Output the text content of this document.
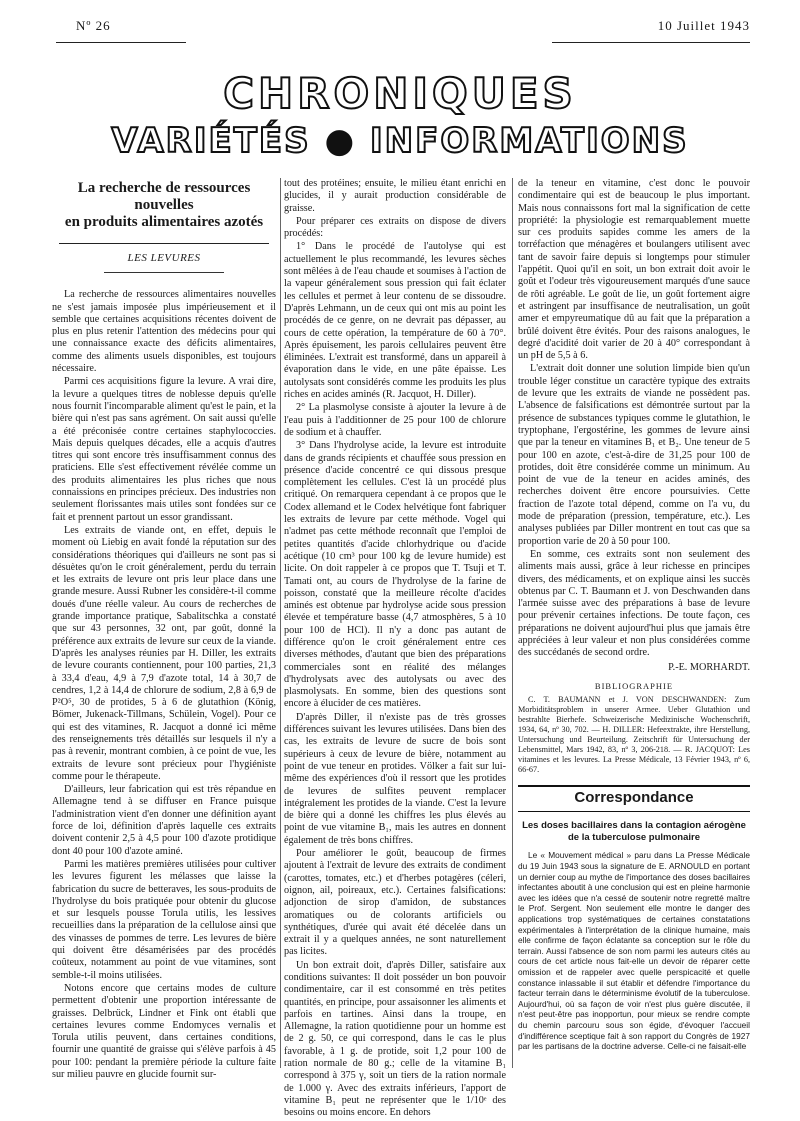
Nº 26	10 Juillet 1943
CHRONIQUES
VARIÉTÉS ● INFORMATIONS
La recherche de ressources
nouvelles
en produits alimentaires azotés
LES LEVURES

La recherche de ressources alimentaires nouvelles ne s'est jamais imposée plus impérieusement et il semble que certaines acquisitions récentes doivent de plus en plus retenir l'attention des médecins pour qui une connaissance exacte des déficits alimentaires, comme des aliments usuels disponibles, est toujours nécessaire.

Parmi ces acquisitions figure la levure. A vrai dire, la levure a quelques titres de noblesse depuis qu'elle nous fournit l'incomparable aliment qu'est le pain, et la bière qui n'est pas sans agrément. On sait aussi qu'elle a été préconisée contre certaines staphylococcies. Mais depuis quelques décades, elle a acquis d'autres titres qui sont encore très insuffisamment connus des praticiens. Elle s'est effectivement révélée comme un des produits alimentaires les plus riches que nous connaissions en principes précieux. Des industries non seulement florissantes mais utiles sont fondées sur ce fait et prennent partout un essor grandissant.

Les extraits de viande ont, en effet, depuis le moment où Liebig en avait fondé la réputation sur des considérations théoriques qui d'ailleurs ne sont pas si désuètes qu'on le croit généralement, perdu du terrain et les extraits de levure ont pris leur place dans une grande mesure. Aussi Rubner les considère-t-il comme doués d'une réelle valeur. Au cours de recherches de grande importance pratique, Sabalitschka a constaté que sur 43 personnes, 32 ont, par goût, donné la préférence aux extraits de levure sur ceux de la viande. D'après les analyses réunies par H. Diller, les extraits de levure courants contiennent, pour 100 parties, 21,3 à 33,4 d'eau, 4,9 à 7,9 d'azote total, 14 à 30,7 de cendres, 1,2 à 14,4 de chlorure de sodium, 2,8 à 6,9 de P²O⁵, 30 de protides, 5 à 6 de glutathion (König, Bömer, Jukenack-Tillmans, Schülein, Vogel). Pour ce qui est des vitamines, R. Jacquot a donné ici même des renseignements très détaillés sur lesquels il n'y a pas à revenir, montrant combien, à ce point de vue, les extraits de levure sont précieux pour l'hygiéniste comme pour le thérapeute.

D'ailleurs, leur fabrication qui est très répandue en Allemagne tend à se diffuser en France puisque l'administration vient d'en donner une définition ayant force de loi, définition d'après laquelle ces extraits doivent contenir 2,5 à 4,5 pour 100 d'azote protidique dont 40 pour 100 d'azote aminé.

Parmi les matières premières utilisées pour cultiver les levures figurent les mélasses que laisse la fabrication du sucre de betteraves, les sous-produits de l'hydrolyse du bois pratiquée pour obtenir du glucose et sur lesquels pousse Torula utilis, les lessives recueillies dans la préparation de la cellulose ainsi que des vinasses de pommes de terre. Les levures de bière qui doivent être désamérisées par des procédés coûteux, notamment au point de vue vitamines, sont semble-t-il moins utilisées.

Notons encore que certains modes de culture permettent d'obtenir une proportion intéressante de graisses. Delbrück, Lindner et Fink ont établi que certaines levures comme Endomyces vernalis et Torula utilis peuvent, dans certaines conditions, fournir une quantité de graisse qui s'élève parfois à 45 pour 100: pendant la première période la culture faite sur milieu pauvre en glucide fournit sur-

tout des protéines; ensuite, le milieu étant enrichi en glucides, il y aurait production considérable de graisse.

Pour préparer ces extraits on dispose de divers procédés:

1° Dans le procédé de l'autolyse qui est actuellement le plus recommandé, les levures sèches sont mêlées à de l'eau chaude et soumises à l'action de la vapeur généralement sous pression qui fait éclater les cellules et permet à leur contenu de se dissoudre. D'après Lehmann, un de ceux qui ont mis au point les procédés de ce genre, on ne devrait pas dépasser, au cours de cette opération, la température de 60 à 70°. Après épuisement, les parois cellulaires peuvent être éliminées. L'extrait est transformé, dans un appareil à évaporation dans le vide, en une pâte épaisse. Les autolysats sont considérés comme les produits les plus riches en acides aminés (R. Jacquot, H. Diller).

2° La plasmolyse consiste à ajouter la levure à de l'eau puis à l'additionner de 25 pour 100 de chlorure de sodium et à chauffer.

3° Dans l'hydrolyse acide, la levure est introduite dans de grands récipients et chauffée sous pression en présence d'acide concentré ce qui dissous presque complètement les cellules. C'est là un procédé plus critiqué. On remarquera cependant à ce propos que le Codex allemand et le Codex helvétique font fabriquer les extraits de levure par cette méthode. Vogel qui n'admet pas cette méthode reconnaît que l'emploi de petites quantités d'acide chlorhydrique ou d'acide acétique (10 cm³ pour 100 kg de levure humide) est licite. On doit rappeler à ce propos que T. Tsuji et T. Tamati ont, au cours de l'hydrolyse de la farine de poisson, constaté que la meilleure récolte d'acides aminés est obtenue par hydrolyse acide sous pression élevée et température basse (4,7 atmosphères, 5 à 10 pour 100 de HCl). Il n'y a donc pas autant de différence qu'on le croit généralement entre ces diverses méthodes, d'autant que bien des préparations commerciales sont en réalité des mélanges d'hydrolysats avec des autolysats ou avec des plasmolysats. En somme, bien des questions sont encore à élucider de ces matières.

D'après Diller, il n'existe pas de très grosses différences suivant les levures utilisées. Dans bien des cas, les extraits de levure de sucre de bois sont supérieurs à ceux de levure de bière, notamment au point de vue teneur en protides. Völker a fait sur lui-même des expériences d'où il ressort que les protides de levures de sulfites peuvent remplacer intégralement les protides de la viande. C'est la levure de bière qui a donné les chiffres les plus élevés au point de vue vitamine B₁, mais les autres en donnent également de très bons chiffres.

Pour améliorer le goût, beaucoup de firmes ajoutent à l'extrait de levure des extraits de condiment (carottes, tomates, etc.) et d'herbes potagères (céleri, oignon, ail, poireaux, etc.). Certaines falsifications: adjonction de sirop d'amidon, de substances aromatiques ou de colorants artificiels ou synthétiques, d'urée qui avait été décelée dans un extrait il y a quelques années, ne sont naturellement pas licites.

Un bon extrait doit, d'après Diller, satisfaire aux conditions suivantes: Il doit posséder un bon pouvoir condimentaire, car il est consommé en très petites quantités, en principe, pour assaisonner les aliments et parfois en tartines. Ainsi dans la troupe, en Allemagne, la ration quotidienne pour un homme est de 2 g. 50, ce qui correspond, dans le cas le plus favorable, à 1 g. de protide, soit 1,2 pour 100 de ration normale de 80 g.; celle de la vitamine B₁ correspond à 375 γ, soit un tiers de la ration normale de 1.000 γ. Avec des extraits inférieurs, l'apport de vitamine B₁ peut ne représenter que le 1/10ᵉ des besoins ou moins encore. En dehors

de la teneur en vitamine, c'est donc le pouvoir condimentaire qui est de beaucoup le plus important. Mais nous connaissons fort mal la signification de cette propriété: la physiologie est remarquablement muette sur ces produits sapides comme les amers de la torréfaction que ménagères et boulangers utilisent avec tant de savoir faire depuis si longtemps pour stimuler l'appétit. Quoi qu'il en soit, un bon extrait doit avoir le goût et l'odeur très vigoureusement marqués d'une sauce de rôti agréable. Le goût de lie, un goût fortement aigre et astringent par insuffisance de neutralisation, un goût amer et empyreumatique dû au fait que la préparation a brûlé doivent être évités. Pour des raisons analogues, le degré d'acidité doit varier de 20 à 40° correspondant à un pH de 5,5 à 6.

L'extrait doit donner une solution limpide bien qu'un trouble léger constitue un caractère typique des extraits de levure que les extraits de viande ne possèdent pas. L'absence de falsifications est démontrée surtout par la présence de substances typiques comme le glutathion, le tryptophane, l'ergostérine, les gommes de levure ainsi que par la teneur en vitamines B₁ et B₂. Une teneur de 5 pour 100 en azote, c'est-à-dire de 31,25 pour 100 de protides, doit être considérée comme un minimum. Au point de vue de la teneur en acides aminés, des recherches doivent être encore poursuivies. Cette fraction de l'azote total dépend, comme on l'a vu, du mode de préparation (pression, température, etc.). Les analyses publiées par Diller montrent en tout cas que sa proportion varie de 20 à 50 pour 100.

En somme, ces extraits sont non seulement des aliments mais aussi, grâce à leur richesse en principes divers, des médicaments, et on explique ainsi les succès obtenus par C. T. Baumann et J. von Deschwanden dans l'armée suisse avec des préparations à base de levure pour prévenir certaines infections. De toute façon, ces préparations ne doivent aujourd'hui plus que jamais être appréciées à leur valeur et non plus considérées comme des succédanés de second ordre.

P.-E. MORHARDT.
BIBLIOGRAPHIE

C. T. BAUMANN et J. VON DESCHWANDEN: Zum Morbiditätsproblem in unserer Armee. Ueber Glutathion und bestrahlte Bierhefe. Schweizerische Medizinische Wochenschrift, 1934, 64, nº 30, 702. — H. DILLER: Hefeextrakte, ihre Herstellung, Untersuchung und Beurteilung. Zeitschrift für Untersuchung der Lebensmittel, Mars 1942, 83, nº 3, 206-218. — R. JACQUOT: Les vitamines et les levures. La Presse Médicale, 13 Février 1943, nº 6, 66-67.

Correspondance
Les doses bacillaires dans la contagion aérogène
de la tuberculose pulmonaire

Le « Mouvement médical » paru dans La Presse Médicale du 19 Juin 1943 sous la signature de E. ARNOULD en portant un dernier coup au mythe de l'importance des doses bacillaires infectantes aboutit à une conclusion qui est en pleine harmonie avec les idées que n'a cessé de soutenir notre regretté maître le Prof. Sergent. Non seulement elle montre le danger des applications trop systématiques de certaines constatations expérimentales à l'interprétation de la clinique humaine, mais elle confirme de façon éclatante sa conception sur le rôle du terrain. Aussi l'absence de son nom parmi les auteurs cités au cours de cet article nous fait-elle un devoir de réparer cette omission et de rappeler avec quelle perspicacité et quelle constance inlassable il sut établir et défendre l'importance du facteur terrain dans le déterminisme évolutif de la tuberculose. Aujourd'hui, où sa façon de voir n'est plus guère discutée, il n'est peut-être pas inopportun, pour mieux se rendre compte du chemin parcouru sous son égide, d'évoquer l'accueil d'indifférence sceptique fait à son rapport du Congrès de 1927 par les partisans de la doctrine adverse. Celle-ci ne faisait-elle
